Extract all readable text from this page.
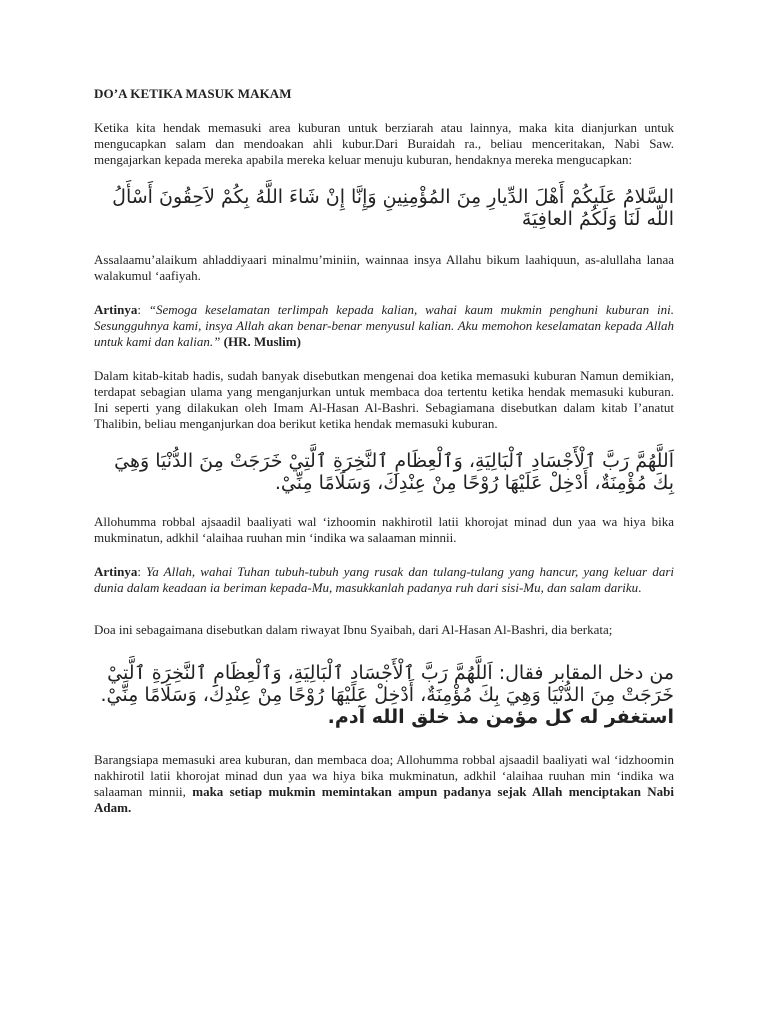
DO’A KETIKA MASUK MAKAM

Ketika kita hendak memasuki area kuburan untuk berziarah atau lainnya, maka kita dianjurkan untuk mengucapkan salam dan mendoakan ahli kubur.Dari Buraidah ra., beliau menceritakan, Nabi Saw. mengajarkan kepada mereka apabila mereka keluar menuju kuburan, hendaknya mereka mengucapkan:

السَّلامُ عَلَيكُمْ أَهْلَ الدِّيارِ مِنَ المُؤْمِنِينِ وَإِنَّا إِنْ شَاءَ اللَّهُ بِكُمْ لاَحِقُونَ أَسْأَلُ اللّه لَنَا وَلَكُمُ العافِيَةَ

Assalaamu’alaikum ahladdiyaari minalmu’miniin, wainnaa insya Allahu bikum laahiquun, as-alullaha lanaa walakumul ‘aafiyah.

Artinya: “Semoga keselamatan terlimpah kepada kalian, wahai kaum mukmin penghuni kuburan ini. Sesungguhnya kami, insya Allah akan benar-benar menyusul kalian. Aku memohon keselamatan kepada Allah untuk kami dan kalian.” (HR. Muslim)

Dalam kitab-kitab hadis, sudah banyak disebutkan mengenai doa ketika memasuki kuburan Namun demikian, terdapat sebagian ulama yang menganjurkan untuk membaca doa tertentu ketika hendak memasuki kuburan. Ini seperti yang dilakukan oleh Imam Al-Hasan Al-Bashri. Sebagiamana disebutkan dalam kitab I’anatut Thalibin, beliau menganjurkan doa berikut ketika hendak memasuki kuburan.

اَللَّهُمَّ رَبَّ ٱلْأَجْسَادِ ٱلْبَالِيَةِ، وَٱلْعِظَامِ ٱلنَّخِرَةِ ٱلَّتِيْ خَرَجَتْ مِنَ الدُّنْيَا وَهِيَ بِكَ مُؤْمِنَةٌ، أَدْخِلْ عَلَيْهَا رُوْحًا مِنْ عِنْدِكَ، وَسَلَامًا مِنِّيْ.

Allohumma robbal ajsaadil baaliyati wal ‘izhoomin nakhirotil latii khorojat minad dun yaa wa hiya bika mukminatun, adkhil ‘alaihaa ruuhan min ‘indika wa salaaman minnii.

Artinya: Ya Allah, wahai Tuhan tubuh-tubuh yang rusak dan tulang-tulang yang hancur, yang keluar dari dunia dalam keadaan ia beriman kepada-Mu, masukkanlah padanya ruh dari sisi-Mu, dan salam dariku.

Doa ini sebagaimana disebutkan dalam riwayat Ibnu Syaibah, dari Al-Hasan Al-Bashri, dia berkata;

من دخل المقابر فقال: اَللَّهُمَّ رَبَّ ٱلْأَجْسَادِ ٱلْبَالِيَةِ، وَٱلْعِظَامِ ٱلنَّخِرَةِ ٱلَّتِيْ خَرَجَتْ مِنَ الدُّنْيَا وَهِيَ بِكَ مُؤْمِنَةٌ، أَدْخِلْ عَلَيْهَا رُوْحًا مِنْ عِنْدِكَ، وَسَلَامًا مِنِّيْ. استغفر له كل مؤمن مذ خلق الله آدم.

Barangsiapa memasuki area kuburan, dan membaca doa; Allohumma robbal ajsaadil baaliyati wal ‘idzhoomin nakhirotil latii khorojat minad dun yaa wa hiya bika mukminatun, adkhil ‘alaihaa ruuhan min ‘indika wa salaaman minnii, maka setiap mukmin memintakan ampun padanya sejak Allah menciptakan Nabi Adam.
